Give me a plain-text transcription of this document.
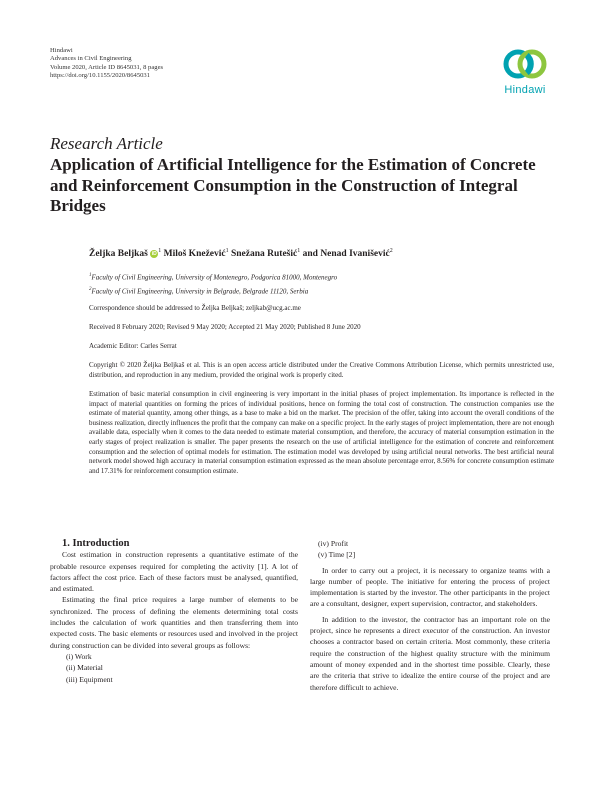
Hindawi
Advances in Civil Engineering
Volume 2020, Article ID 8645031, 8 pages
https://doi.org/10.1155/2020/8645031
Hindawi
Research Article
Application of Artificial Intelligence for the Estimation of Concrete and Reinforcement Consumption in the Construction of Integral Bridges
Željka Beljkaš $iD^1$ Miloš Knežević$^1$ Snežana Rutešić$^1$ and Nenad Ivanišević$^2$
$^1$Faculty of Civil Engineering, University of Montenegro, Podgorica 81000, Montenegro
$^2$Faculty of Civil Engineering, University in Belgrade, Belgrade 11120, Serbia
Correspondence should be addressed to Željka Beljkaš; zeljkab@ucg.ac.me
Received 8 February 2020; Revised 9 May 2020; Accepted 21 May 2020; Published 8 June 2020
Academic Editor: Carles Serrat
Copyright © 2020 Željka Beljkaš et al. This is an open access article distributed under the Creative Commons Attribution License, which permits unrestricted use, distribution, and reproduction in any medium, provided the original work is properly cited.
Estimation of basic material consumption in civil engineering is very important in the initial phases of project implementation. Its importance is reflected in the impact of material quantities on forming the prices of individual positions, hence on forming the total cost of construction. The construction companies use the estimate of material quantity, among other things, as a base to make a bid on the market. The precision of the offer, taking into account the overall conditions of the business realization, directly influences the profit that the company can make on a specific project. In the early stages of project implementation, there are not enough available data, especially when it comes to the data needed to estimate material consumption, and therefore, the accuracy of material consumption estimation in the early stages of project realization is smaller. The paper presents the research on the use of artificial intelligence for the estimation of concrete and reinforcement consumption and the selection of optimal models for estimation. The estimation model was developed by using artificial neural networks. The best artificial neural network model showed high accuracy in material consumption estimation expressed as the mean absolute percentage error, 8.56% for concrete consumption estimate and 17.31% for reinforcement consumption estimate.

1. Introduction

Cost estimation in construction represents a quantitative estimate of the probable resource expenses required for completing the activity [1]. A lot of factors affect the cost price. Each of these factors must be analysed, quantified, and estimated.

Estimating the final price requires a large number of elements to be synchronized. The process of defining the elements determining total costs includes the calculation of work quantities and then transferring them into expected costs. The basic elements or resources used and involved in the project during construction can be divided into several groups as follows:

(i) Work
(ii) Material
(iii) Equipment
(iv) Profit
(v) Time [2]

In order to carry out a project, it is necessary to organize teams with a large number of people. The initiative for entering the process of project implementation is started by the investor. The other participants in the project are a consultant, designer, expert supervision, contractor, and stakeholders.

In addition to the investor, the contractor has an important role on the project, since he represents a direct executor of the construction. An investor chooses a contractor based on certain criteria. Most commonly, these criteria require the construction of the highest quality structure with the minimum amount of money expended and in the shortest time possible. Clearly, these are the criteria that strive to idealize the entire course of the project and are therefore difficult to achieve.
